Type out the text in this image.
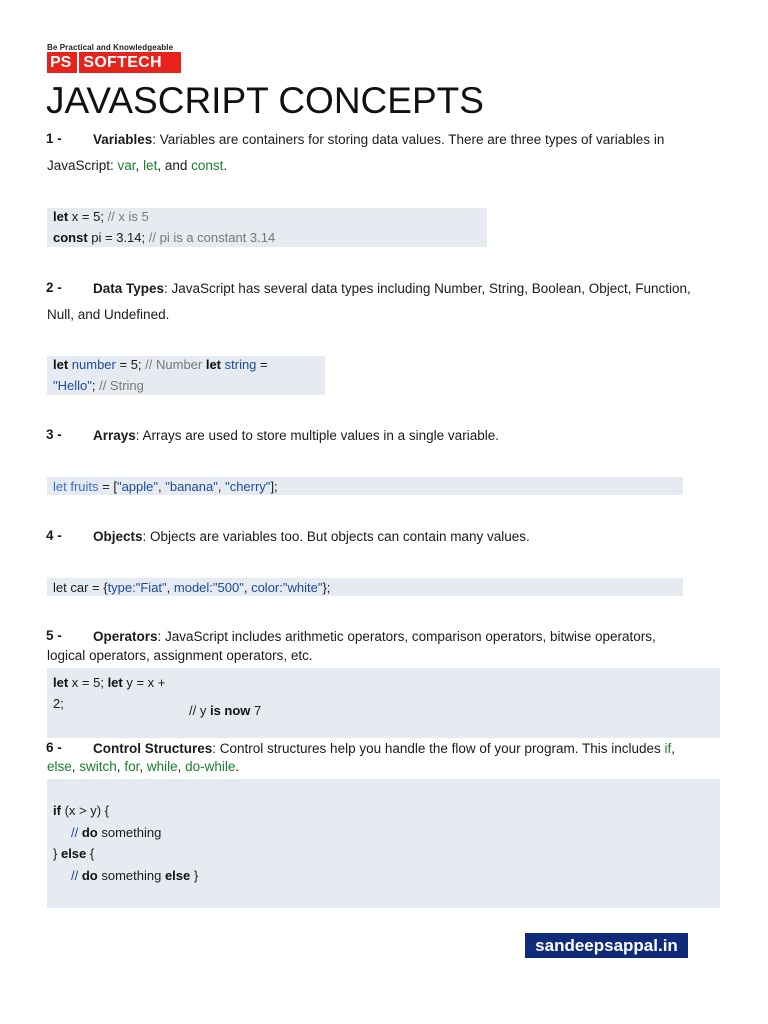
Be Practical and Knowledgeable
PS SOFTECH
JAVASCRIPT CONCEPTS
1 - Variables: Variables are containers for storing data values. There are three types of variables in
JavaScript: var, let, and const.
let x = 5; // x is 5
const pi = 3.14; // pi is a constant 3.14
2 - Data Types: JavaScript has several data types including Number, String, Boolean, Object, Function,
Null, and Undefined.
let number = 5; // Number let string =
"Hello"; // String
3 - Arrays: Arrays are used to store multiple values in a single variable.
let fruits = ["apple", "banana", "cherry"];
4 - Objects: Objects are variables too. But objects can contain many values.
let car = {type:"Fiat", model:"500", color:"white"};
5 - Operators: JavaScript includes arithmetic operators, comparison operators, bitwise operators,
logical operators, assignment operators, etc.
let x = 5; let y = x +
2;	// y is now 7
6 - Control Structures: Control structures help you handle the flow of your program. This includes if,
else, switch, for, while, do-while.
if (x > y) {
// do something
} else {
// do something else }
sandeepsappal.in
